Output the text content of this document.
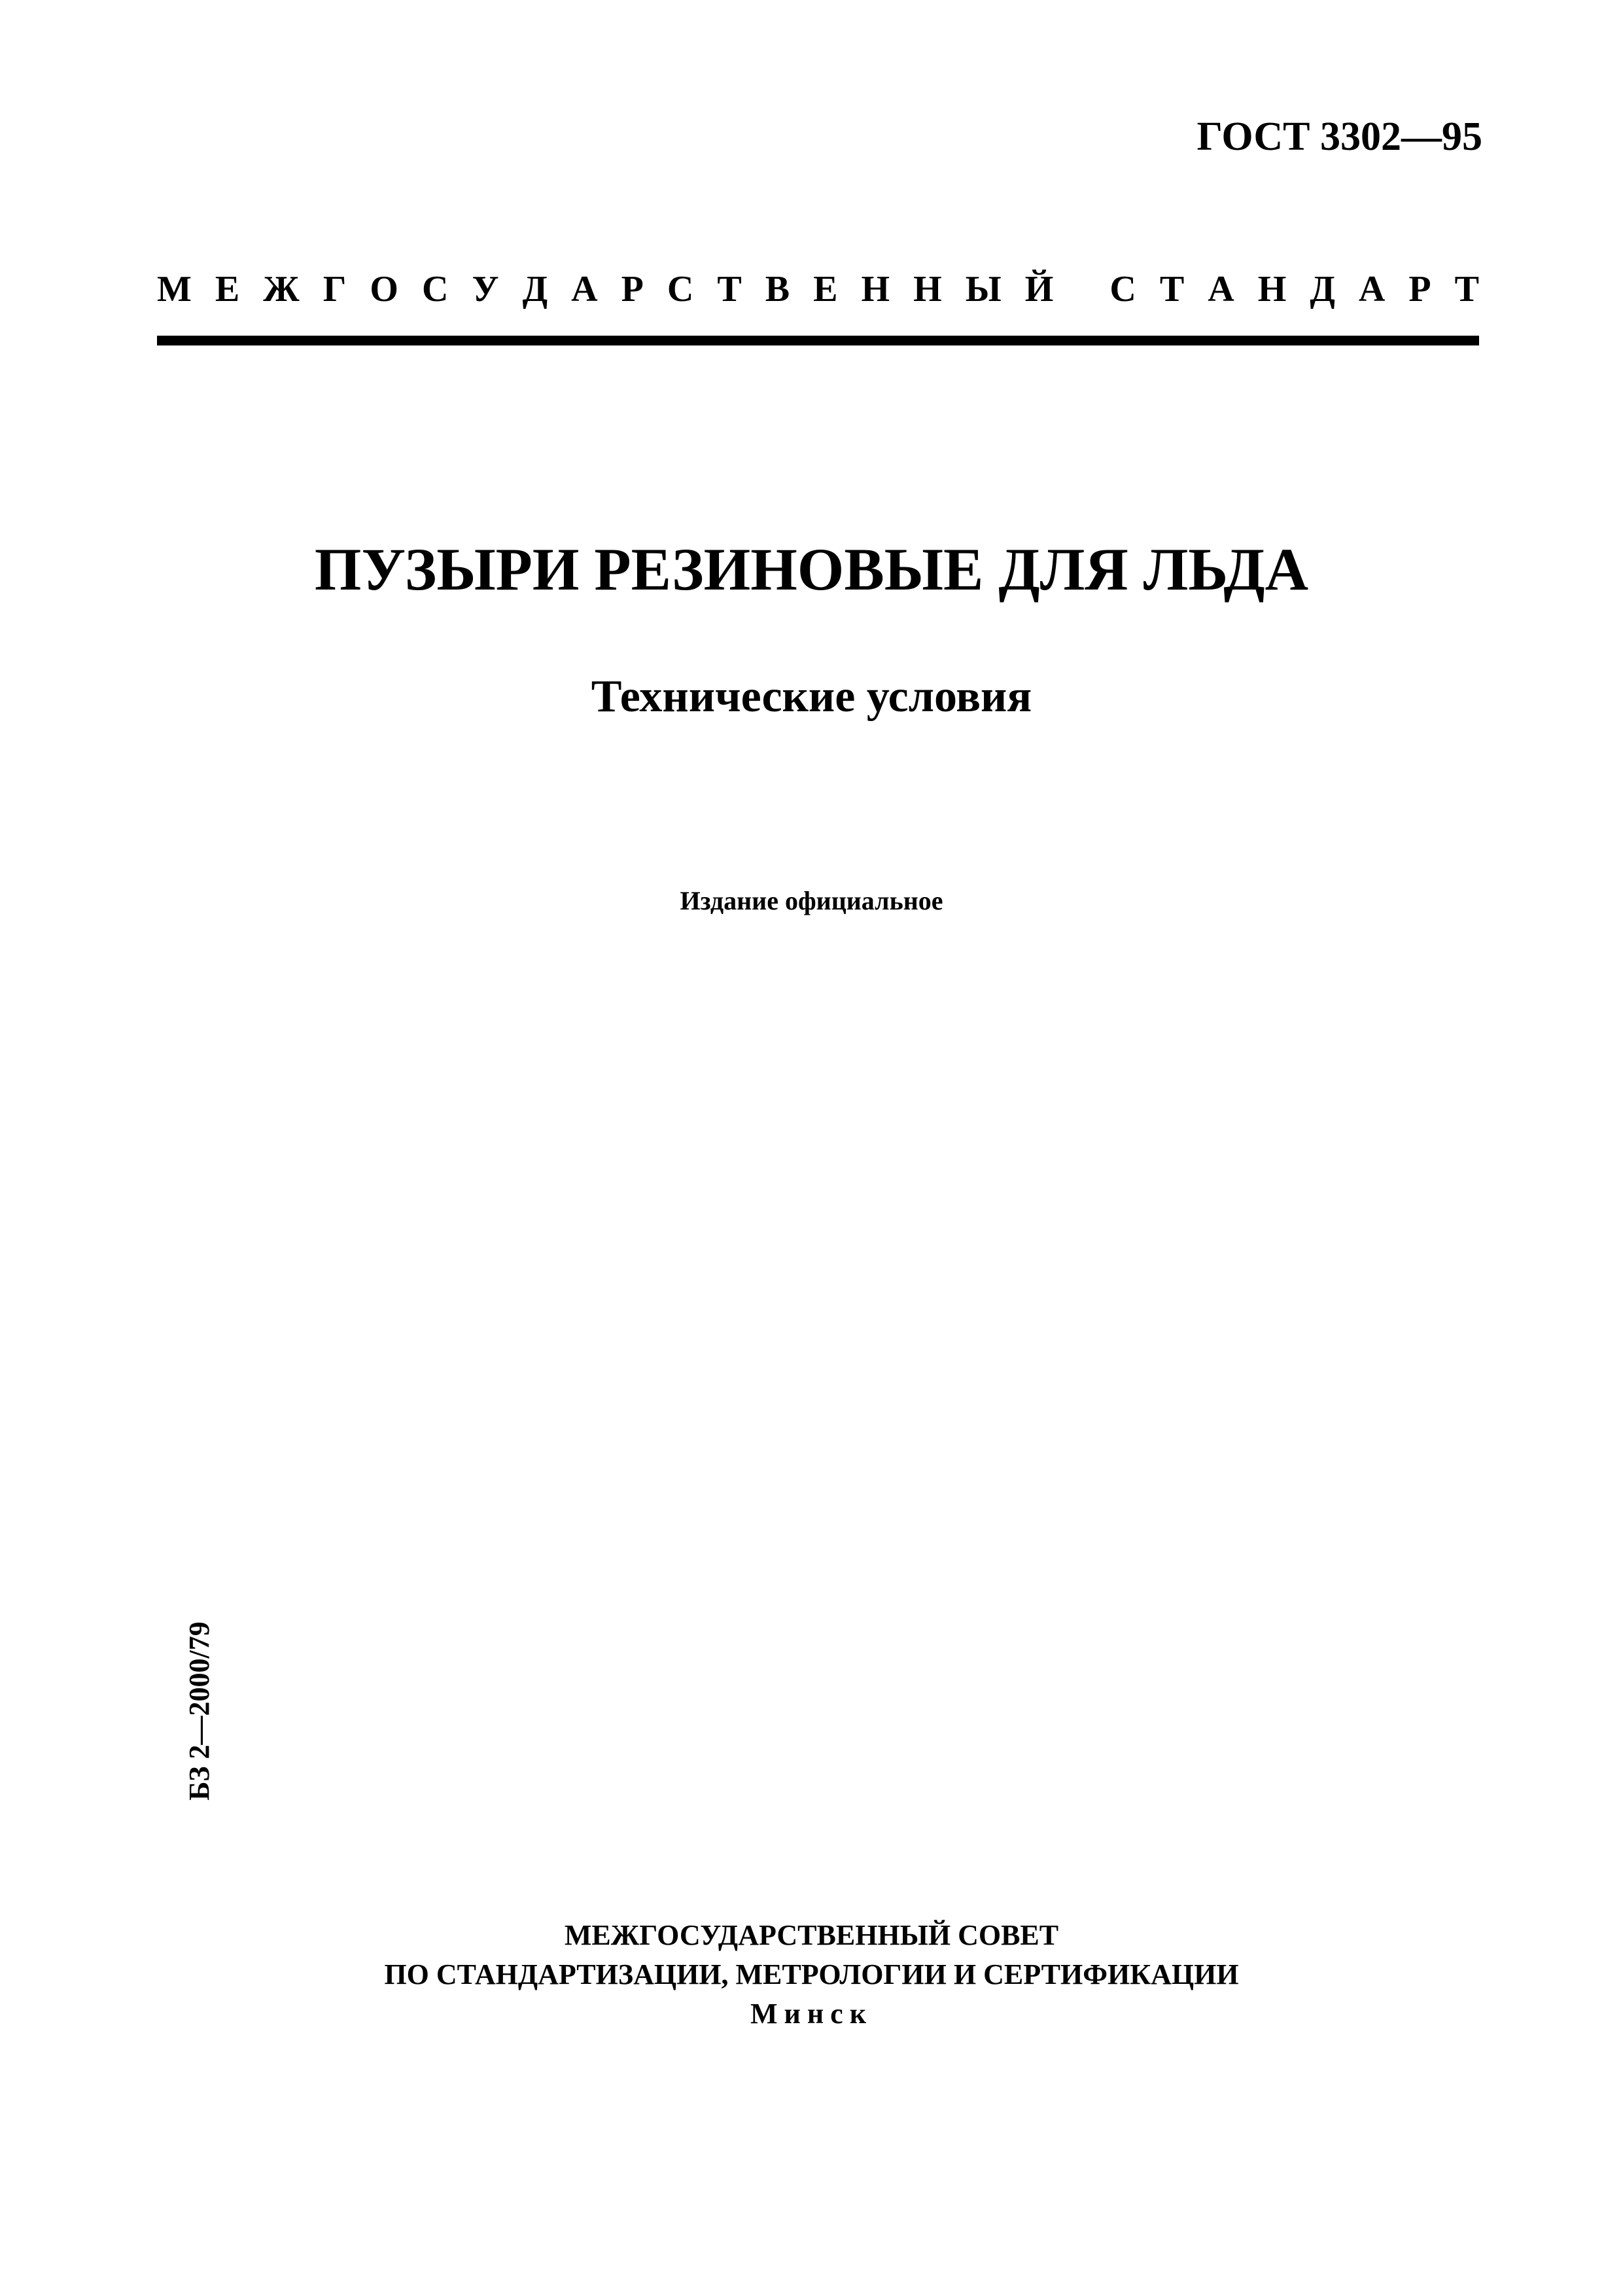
ГОСТ 3302—95
М Е Ж Г О С У Д А Р С Т В Е Н Н Ы Й
С Т А Н Д А Р Т
ПУЗЫРИ РЕЗИНОВЫЕ ДЛЯ ЛЬДА
Технические условия
Издание официальное
БЗ 2—2000/79
МЕЖГОСУДАРСТВЕННЫЙ СОВЕТ
ПО СТАНДАРТИЗАЦИИ, МЕТРОЛОГИИ И СЕРТИФИКАЦИИ
Минск
